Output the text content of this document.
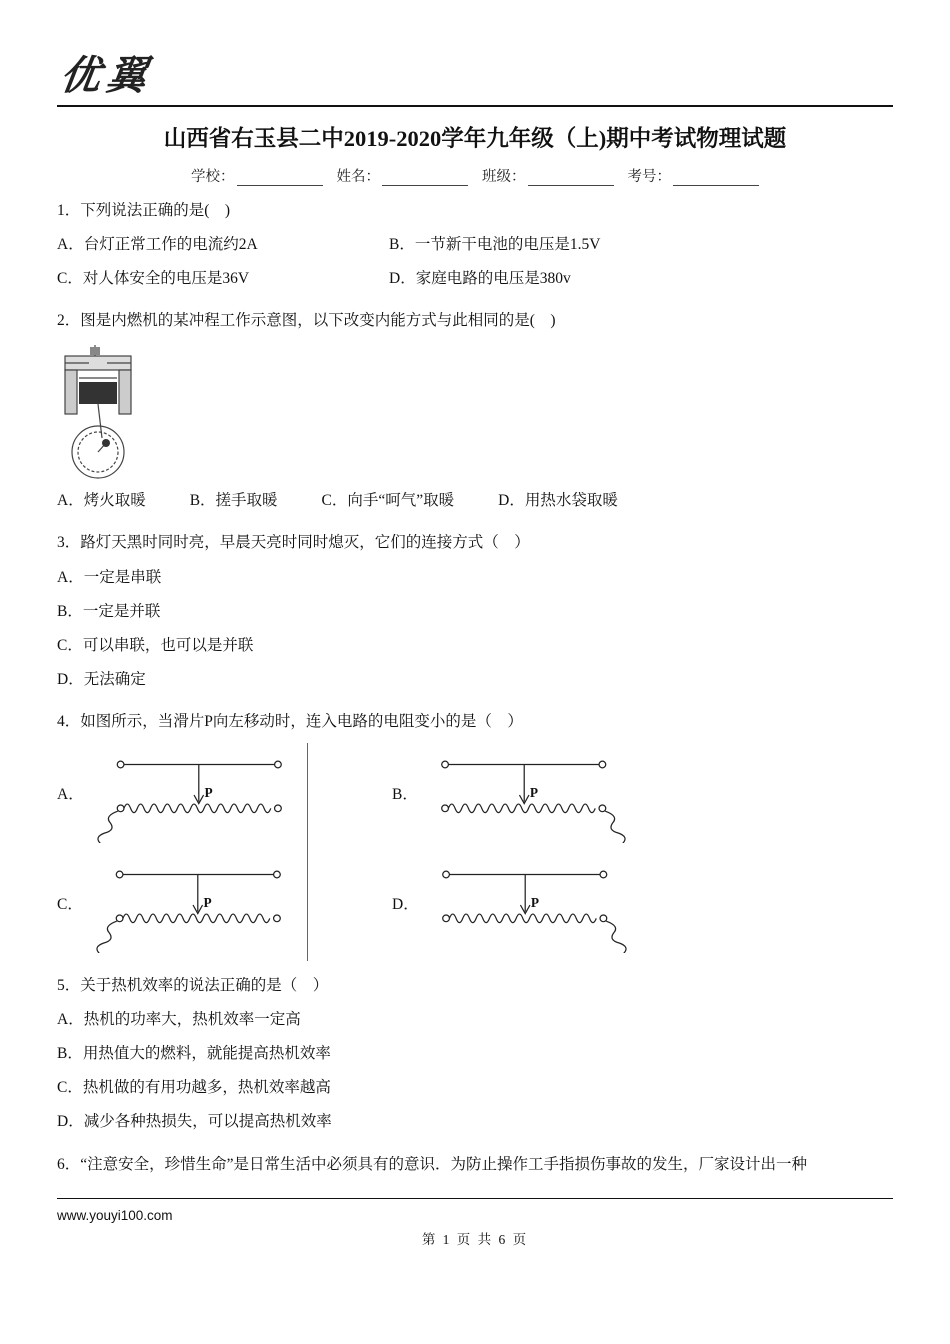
优翼
山西省右玉县二中2019-2020学年九年级（上)期中考试物理试题
学校：	姓名：	班级：	考号：
1．下列说法正确的是(　)
A．台灯正常工作的电流约2A	B．一节新干电池的电压是1.5V
C．对人体安全的电压是36V	D．家庭电路的电压是380v
2．图是内燃机的某冲程工作示意图，以下改变内能方式与此相同的是(　)
A．烤火取暖	B．搓手取暖	C．向手“呵气”取暖	D．用热水袋取暖
3．路灯天黑时同时亮，早晨天亮时同时熄灭，它们的连接方式（　）
A．一定是串联
B．一定是并联
C．可以串联，也可以是并联
D．无法确定
4．如图所示，当滑片P向左移动时，连入电路的电阻变小的是（　）
A．	P
C．	P
B．	P
D．	P
5．关于热机效率的说法正确的是（　）
A．热机的功率大，热机效率一定高
B．用热值大的燃料，就能提高热机效率
C．热机做的有用功越多，热机效率越高
D．减少各种热损失，可以提高热机效率
6．“注意安全，珍惜生命”是日常生活中必须具有的意识．为防止操作工手指损伤事故的发生，厂家设计出一种
www.youyi100.com
第 1 页 共 6 页
